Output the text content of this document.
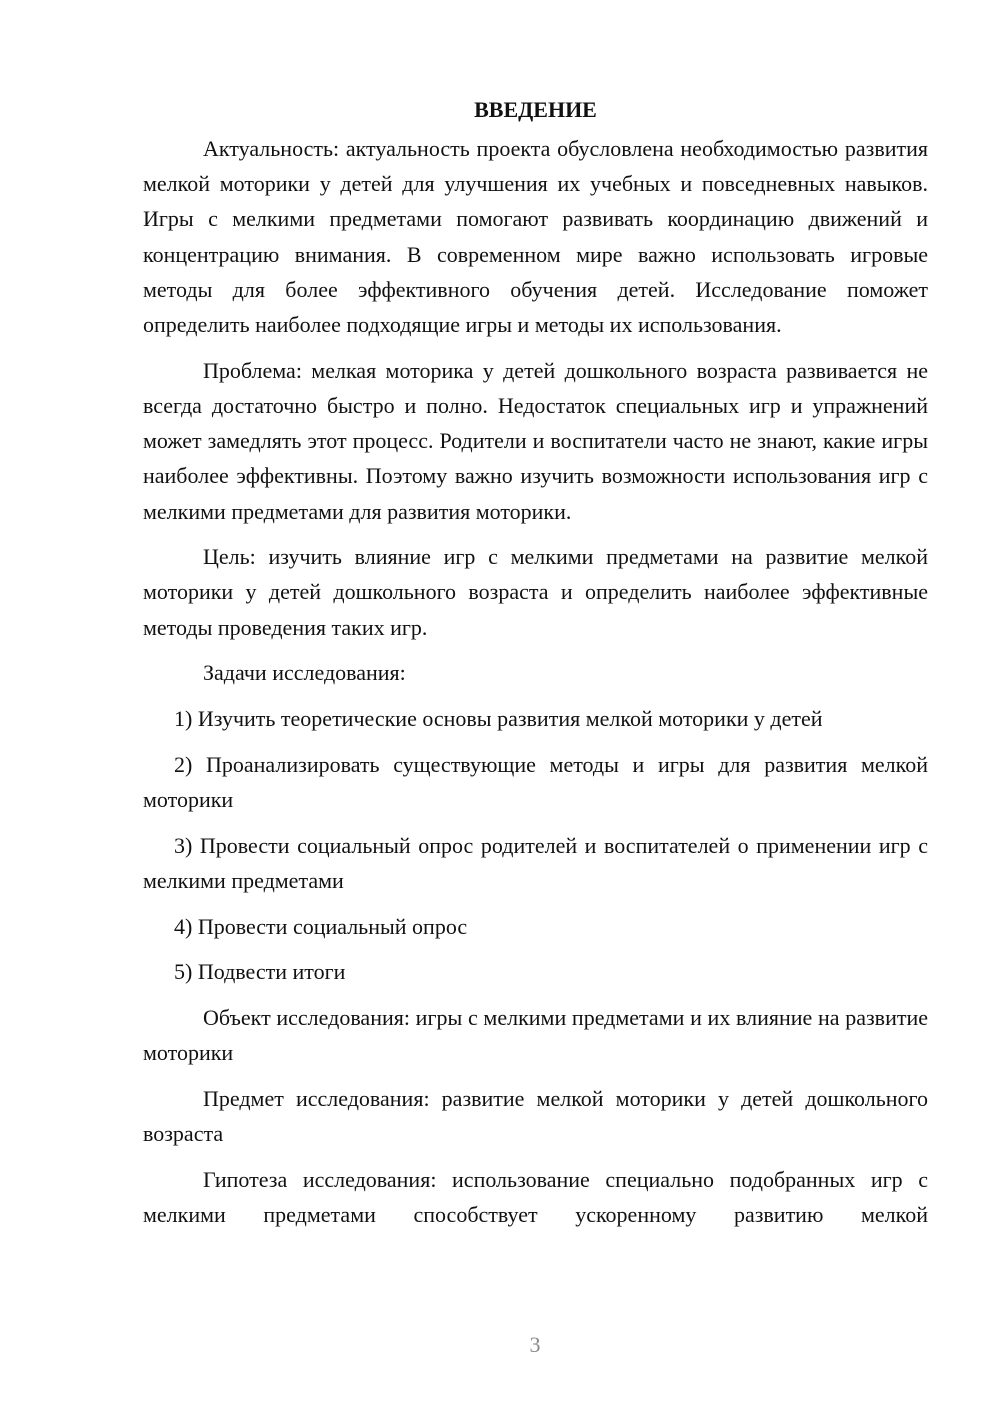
ВВЕДЕНИЕ

Актуальность: актуальность проекта обусловлена необходимостью развития мелкой моторики у детей для улучшения их учебных и повседневных навыков. Игры с мелкими предметами помогают развивать координацию движений и концентрацию внимания. В современном мире важно использовать игровые методы для более эффективного обучения детей. Исследование поможет определить наиболее подходящие игры и методы их использования.

Проблема: мелкая моторика у детей дошкольного возраста развивается не всегда достаточно быстро и полно. Недостаток специальных игр и упражнений может замедлять этот процесс. Родители и воспитатели часто не знают, какие игры наиболее эффективны. Поэтому важно изучить возможности использования игр с мелкими предметами для развития моторики.

Цель: изучить влияние игр с мелкими предметами на развитие мелкой моторики у детей дошкольного возраста и определить наиболее эффективные методы проведения таких игр.

Задачи исследования:

1) Изучить теоретические основы развития мелкой моторики у детей

2) Проанализировать существующие методы и игры для развития мелкой моторики

3) Провести социальный опрос родителей и воспитателей о применении игр с мелкими предметами

4) Провести социальный опрос

5) Подвести итоги

Объект исследования: игры с мелкими предметами и их влияние на развитие моторики

Предмет исследования: развитие мелкой моторики у детей дошкольного возраста

Гипотеза исследования: использование специально подобранных игр с мелкими предметами способствует ускоренному развитию мелкой

3
